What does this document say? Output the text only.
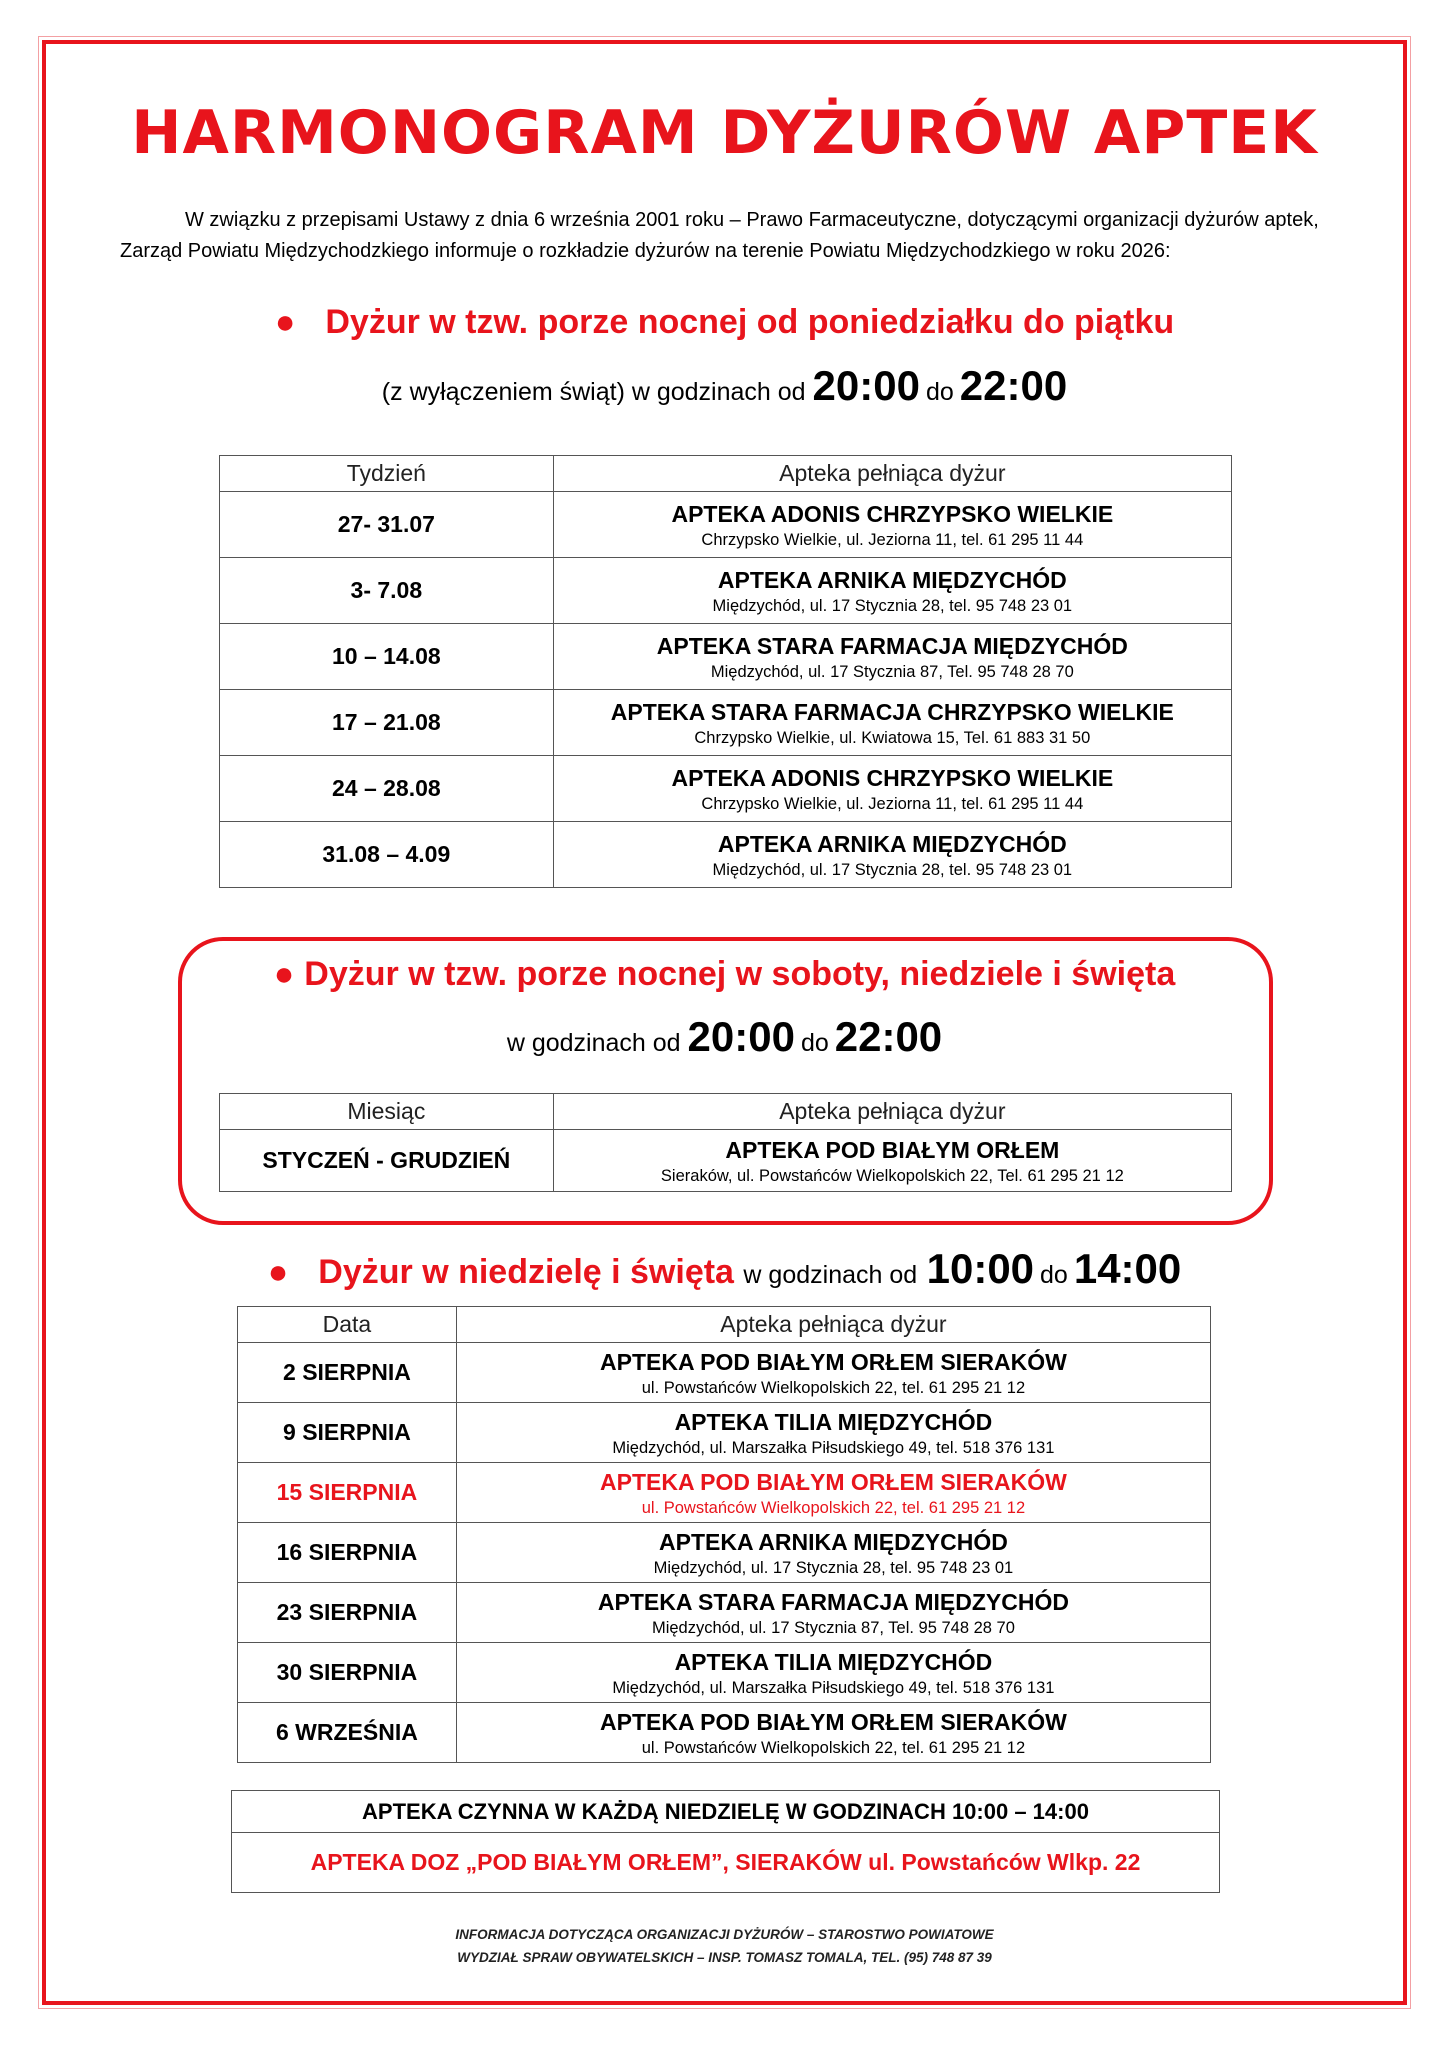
HARMONOGRAM DYŻURÓW APTEK

W związku z przepisami Ustawy z dnia 6 września 2001 roku – Prawo Farmaceutyczne, dotyczącymi organizacji dyżurów aptek, Zarząd Powiatu Międzychodzkiego informuje o rozkładzie dyżurów na terenie Powiatu Międzychodzkiego w roku 2026:

● Dyżur w tzw. porze nocnej od poniedziałku do piątku
(z wyłączeniem świąt) w godzinach od 20:00 do 22:00
Tydzień	Apteka pełniąca dyżur
27- 31.07	APTEKA ADONIS CHRZYPSKO WIELKIE
Chrzypsko Wielkie, ul. Jeziorna 11, tel. 61 295 11 44

3- 7.08	APTEKA ARNIKA MIĘDZYCHÓD
Międzychód, ul. 17 Stycznia 28, tel. 95 748 23 01

10 – 14.08	APTEKA STARA FARMACJA MIĘDZYCHÓD
Międzychód, ul. 17 Stycznia 87, Tel. 95 748 28 70

17 – 21.08	APTEKA STARA FARMACJA CHRZYPSKO WIELKIE
Chrzypsko Wielkie, ul. Kwiatowa 15, Tel. 61 883 31 50

24 – 28.08	APTEKA ADONIS CHRZYPSKO WIELKIE
Chrzypsko Wielkie, ul. Jeziorna 11, tel. 61 295 11 44

31.08 – 4.09	APTEKA ARNIKA MIĘDZYCHÓD
Międzychód, ul. 17 Stycznia 28, tel. 95 748 23 01
● Dyżur w tzw. porze nocnej w soboty, niedziele i święta
w godzinach od 20:00 do 22:00
Miesiąc	Apteka pełniąca dyżur
STYCZEŃ - GRUDZIEŃ	APTEKA POD BIAŁYM ORŁEM
Sieraków, ul. Powstańców Wielkopolskich 22, Tel. 61 295 21 12
● Dyżur w niedzielę i święta w godzinach od 10:00 do 14:00
Data	Apteka pełniąca dyżur
2 SIERPNIA	APTEKA POD BIAŁYM ORŁEM SIERAKÓW
ul. Powstańców Wielkopolskich 22, tel. 61 295 21 12

9 SIERPNIA	APTEKA TILIA MIĘDZYCHÓD
Międzychód, ul. Marszałka Piłsudskiego 49, tel. 518 376 131

15 SIERPNIA	APTEKA POD BIAŁYM ORŁEM SIERAKÓW
ul. Powstańców Wielkopolskich 22, tel. 61 295 21 12

16 SIERPNIA	APTEKA ARNIKA MIĘDZYCHÓD
Międzychód, ul. 17 Stycznia 28, tel. 95 748 23 01

23 SIERPNIA	APTEKA STARA FARMACJA MIĘDZYCHÓD
Międzychód, ul. 17 Stycznia 87, Tel. 95 748 28 70

30 SIERPNIA	APTEKA TILIA MIĘDZYCHÓD
Międzychód, ul. Marszałka Piłsudskiego 49, tel. 518 376 131

6 WRZEŚNIA	APTEKA POD BIAŁYM ORŁEM SIERAKÓW
ul. Powstańców Wielkopolskich 22, tel. 61 295 21 12
APTEKA CZYNNA W KAŻDĄ NIEDZIELĘ W GODZINACH 10:00 – 14:00
APTEKA DOZ „POD BIAŁYM ORŁEM”, SIERAKÓW ul. Powstańców Wlkp. 22
INFORMACJA DOTYCZĄCA ORGANIZACJI DYŻURÓW – STAROSTWO POWIATOWE
WYDZIAŁ SPRAW OBYWATELSKICH – INSP. TOMASZ TOMALA, TEL. (95) 748 87 39
